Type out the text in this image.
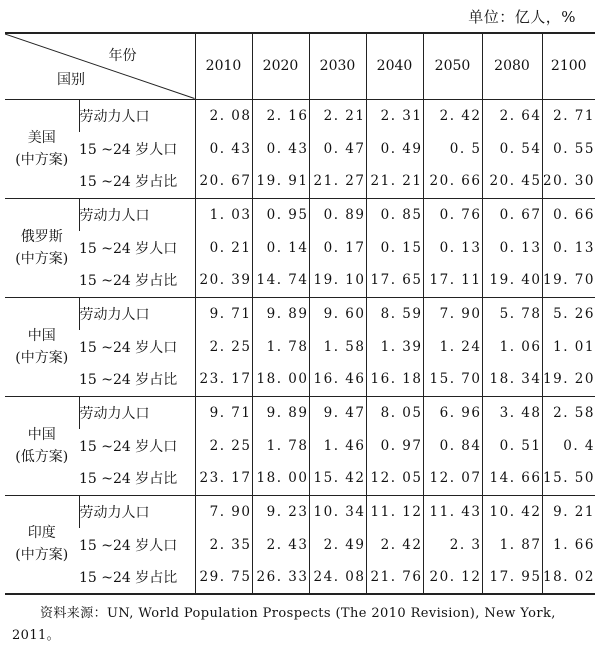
单位：亿人，%
年份
国别		2010	2020	2030	2040	2050	2080	2100

美国
(中方案)	劳动力人口	2. 08	2. 16	2. 21	2. 31	2. 42	2. 64	2. 71
	15 ~24 岁人口	0. 43	0. 43	0. 47	0. 49	0. 5	0. 54	0. 55
	15 ~24 岁占比	20. 67	19. 91	21. 27	21. 21	20. 66	20. 45	20. 30

俄罗斯
(中方案)	劳动力人口	1. 03	0. 95	0. 89	0. 85	0. 76	0. 67	0. 66
	15 ~24 岁人口	0. 21	0. 14	0. 17	0. 15	0. 13	0. 13	0. 13
	15 ~24 岁占比	20. 39	14. 74	19. 10	17. 65	17. 11	19. 40	19. 70

中国
(中方案)	劳动力人口	9. 71	9. 89	9. 60	8. 59	7. 90	5. 78	5. 26
	15 ~24 岁人口	2. 25	1. 78	1. 58	1. 39	1. 24	1. 06	1. 01
	15 ~24 岁占比	23. 17	18. 00	16. 46	16. 18	15. 70	18. 34	19. 20

中国
(低方案)	劳动力人口	9. 71	9. 89	9. 47	8. 05	6. 96	3. 48	2. 58
	15 ~24 岁人口	2. 25	1. 78	1. 46	0. 97	0. 84	0. 51	0. 4
	15 ~24 岁占比	23. 17	18. 00	15. 42	12. 05	12. 07	14. 66	15. 50

印度
(中方案)	劳动力人口	7. 90	9. 23	10. 34	11. 12	11. 43	10. 42	9. 21
	15 ~24 岁人口	2. 35	2. 43	2. 49	2. 42	2. 3	1. 87	1. 66
	15 ~24 岁占比	29. 75	26. 33	24. 08	21. 76	20. 12	17. 95	18. 02
资料来源：UN, World Population Prospects (The 2010 Revision), New York, 2011。
